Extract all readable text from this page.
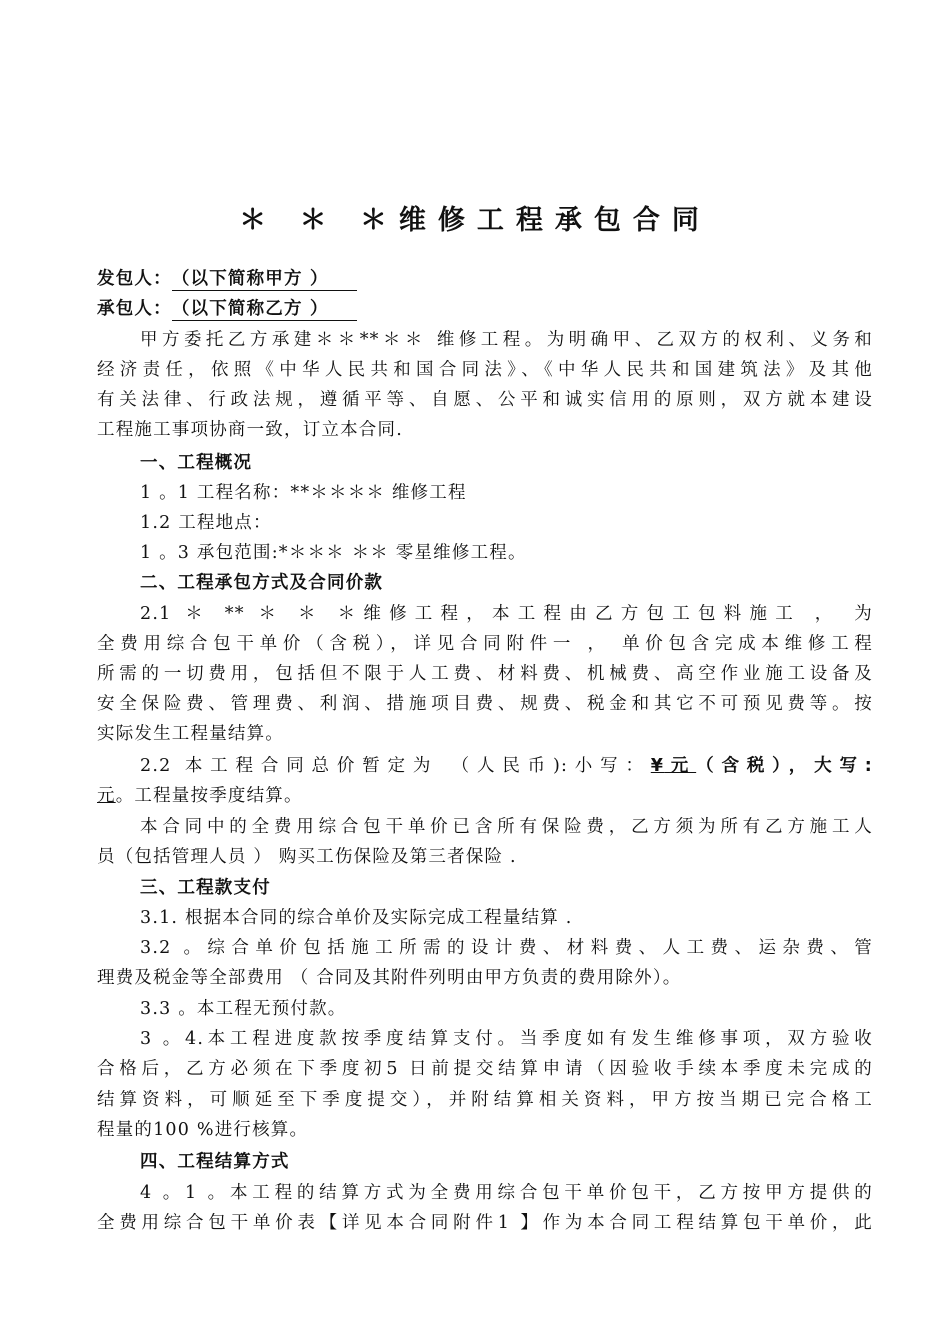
＊ ＊ ＊维修工程承包合同
发包人：（以下简称甲方 ）
承包人：（以下简称乙方 ）
甲方委托乙方承建＊＊**＊＊ 维修工程。为明确甲、乙双方的权利、义务和
经济责任，依照《中华人民共和国合同法》、《中华人民共和国建筑法》及其他
有关法律、行政法规，遵循平等、自愿、公平和诚实信用的原则，双方就本建设
工程施工事项协商一致，订立本合同.
一、工程概况
1 。1 工程名称：**＊＊＊＊ 维修工程
1.2 工程地点：
1 。3 承包范围:*＊＊＊ ＊＊ 零星维修工程。
二、工程承包方式及合同价款
2.1 ＊ ** ＊ ＊ ＊维修工程，本工程由乙方包工包料施工 ， 为
全费用综合包干单价（含税），详见合同附件一 ， 单价包含完成本维修工程
所需的一切费用，包括但不限于人工费、材料费、机械费、高空作业施工设备及
安全保险费、管理费、利润、措施项目费、规费、税金和其它不可预见费等。按
实际发生工程量结算。
2.2 本工程合同总价暂定为 （人民币):小写：¥元（含税），大写:
元。工程量按季度结算。
本合同中的全费用综合包干单价已含所有保险费，乙方须为所有乙方施工人
员（包括管理人员 ） 购买工伤保险及第三者保险 .
三、工程款支付
3.1. 根据本合同的综合单价及实际完成工程量结算 .
3.2 。综合单价包括施工所需的设计费、材料费、人工费、运杂费、管
理费及税金等全部费用 （ 合同及其附件列明由甲方负责的费用除外）。
3.3 。本工程无预付款。
3 。4.本工程进度款按季度结算支付。当季度如有发生维修事项，双方验收
合格后，乙方必须在下季度初5 日前提交结算申请（因验收手续本季度未完成的
结算资料，可顺延至下季度提交），并附结算相关资料，甲方按当期已完合格工
程量的100 %进行核算。
四、工程结算方式
4 。1 。本工程的结算方式为全费用综合包干单价包干，乙方按甲方提供的
全费用综合包干单价表【详见本合同附件1 】作为本合同工程结算包干单价，此
